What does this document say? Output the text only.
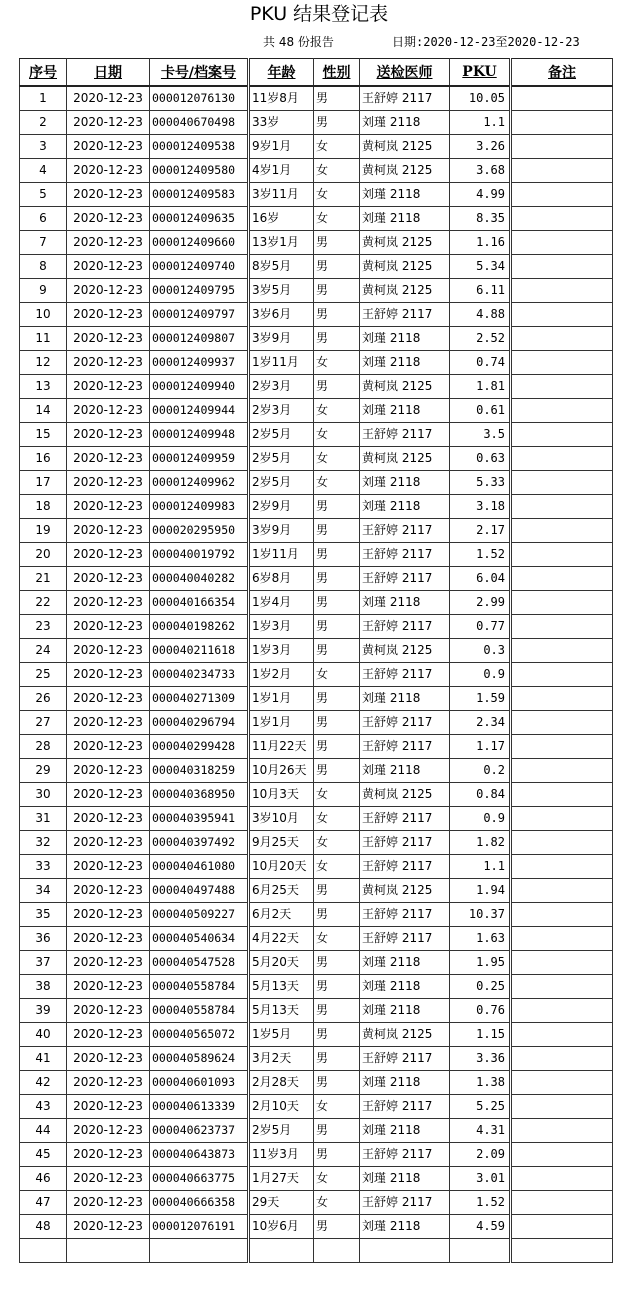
PKU 结果登记表
共 48 份报告	日期:2020-12-23至2020-12-23
序号	日期	卡号/档案号	年龄	性别	送检医师	PKU	备注
1	2020-12-23	000012076130	11岁8月	男	王舒婷 2117	10.05	
2	2020-12-23	000040670498	33岁	男	刘瑾 2118	1.1	
3	2020-12-23	000012409538	9岁1月	女	黄柯岚 2125	3.26	
4	2020-12-23	000012409580	4岁1月	女	黄柯岚 2125	3.68	
5	2020-12-23	000012409583	3岁11月	女	刘瑾 2118	4.99	
6	2020-12-23	000012409635	16岁	女	刘瑾 2118	8.35	
7	2020-12-23	000012409660	13岁1月	男	黄柯岚 2125	1.16	
8	2020-12-23	000012409740	8岁5月	男	黄柯岚 2125	5.34	
9	2020-12-23	000012409795	3岁5月	男	黄柯岚 2125	6.11	
10	2020-12-23	000012409797	3岁6月	男	王舒婷 2117	4.88	
11	2020-12-23	000012409807	3岁9月	男	刘瑾 2118	2.52	
12	2020-12-23	000012409937	1岁11月	女	刘瑾 2118	0.74	
13	2020-12-23	000012409940	2岁3月	男	黄柯岚 2125	1.81	
14	2020-12-23	000012409944	2岁3月	女	刘瑾 2118	0.61	
15	2020-12-23	000012409948	2岁5月	女	王舒婷 2117	3.5	
16	2020-12-23	000012409959	2岁5月	女	黄柯岚 2125	0.63	
17	2020-12-23	000012409962	2岁5月	女	刘瑾 2118	5.33	
18	2020-12-23	000012409983	2岁9月	男	刘瑾 2118	3.18	
19	2020-12-23	000020295950	3岁9月	男	王舒婷 2117	2.17	
20	2020-12-23	000040019792	1岁11月	男	王舒婷 2117	1.52	
21	2020-12-23	000040040282	6岁8月	男	王舒婷 2117	6.04	
22	2020-12-23	000040166354	1岁4月	男	刘瑾 2118	2.99	
23	2020-12-23	000040198262	1岁3月	男	王舒婷 2117	0.77	
24	2020-12-23	000040211618	1岁3月	男	黄柯岚 2125	0.3	
25	2020-12-23	000040234733	1岁2月	女	王舒婷 2117	0.9	
26	2020-12-23	000040271309	1岁1月	男	刘瑾 2118	1.59	
27	2020-12-23	000040296794	1岁1月	男	王舒婷 2117	2.34	
28	2020-12-23	000040299428	11月22天	男	王舒婷 2117	1.17	
29	2020-12-23	000040318259	10月26天	男	刘瑾 2118	0.2	
30	2020-12-23	000040368950	10月3天	女	黄柯岚 2125	0.84	
31	2020-12-23	000040395941	3岁10月	女	王舒婷 2117	0.9	
32	2020-12-23	000040397492	9月25天	女	王舒婷 2117	1.82	
33	2020-12-23	000040461080	10月20天	女	王舒婷 2117	1.1	
34	2020-12-23	000040497488	6月25天	男	黄柯岚 2125	1.94	
35	2020-12-23	000040509227	6月2天	男	王舒婷 2117	10.37	
36	2020-12-23	000040540634	4月22天	女	王舒婷 2117	1.63	
37	2020-12-23	000040547528	5月20天	男	刘瑾 2118	1.95	
38	2020-12-23	000040558784	5月13天	男	刘瑾 2118	0.25	
39	2020-12-23	000040558784	5月13天	男	刘瑾 2118	0.76	
40	2020-12-23	000040565072	1岁5月	男	黄柯岚 2125	1.15	
41	2020-12-23	000040589624	3月2天	男	王舒婷 2117	3.36	
42	2020-12-23	000040601093	2月28天	男	刘瑾 2118	1.38	
43	2020-12-23	000040613339	2月10天	女	王舒婷 2117	5.25	
44	2020-12-23	000040623737	2岁5月	男	刘瑾 2118	4.31	
45	2020-12-23	000040643873	11岁3月	男	王舒婷 2117	2.09	
46	2020-12-23	000040663775	1月27天	女	刘瑾 2118	3.01	
47	2020-12-23	000040666358	29天	女	王舒婷 2117	1.52	
48	2020-12-23	000012076191	10岁6月	男	刘瑾 2118	4.59	
